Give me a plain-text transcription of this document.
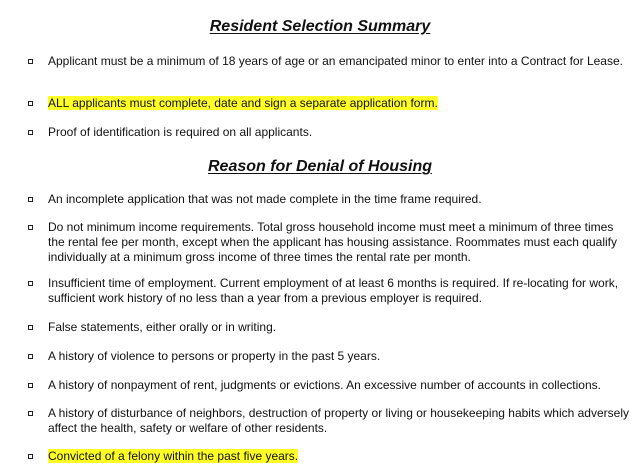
Resident Selection Summary
Applicant must be a minimum of 18 years of age or an emancipated minor to enter into a Contract for Lease.
ALL applicants must complete, date and sign a separate application form.
Proof of identification is required on all applicants.
Reason for Denial of Housing
An incomplete application that was not made complete in the time frame required.
Do not minimum income requirements. Total gross household income must meet a minimum of three times the rental fee per month, except when the applicant has housing assistance. Roommates must each qualify individually at a minimum gross income of three times the rental rate per month.
Insufficient time of employment. Current employment of at least 6 months is required. If re-locating for work, sufficient work history of no less than a year from a previous employer is required.
False statements, either orally or in writing.
A history of violence to persons or property in the past 5 years.
A history of nonpayment of rent, judgments or evictions. An excessive number of accounts in collections.
A history of disturbance of neighbors, destruction of property or living or housekeeping habits which adversely affect the health, safety or welfare of other residents.
Convicted of a felony within the past five years.
